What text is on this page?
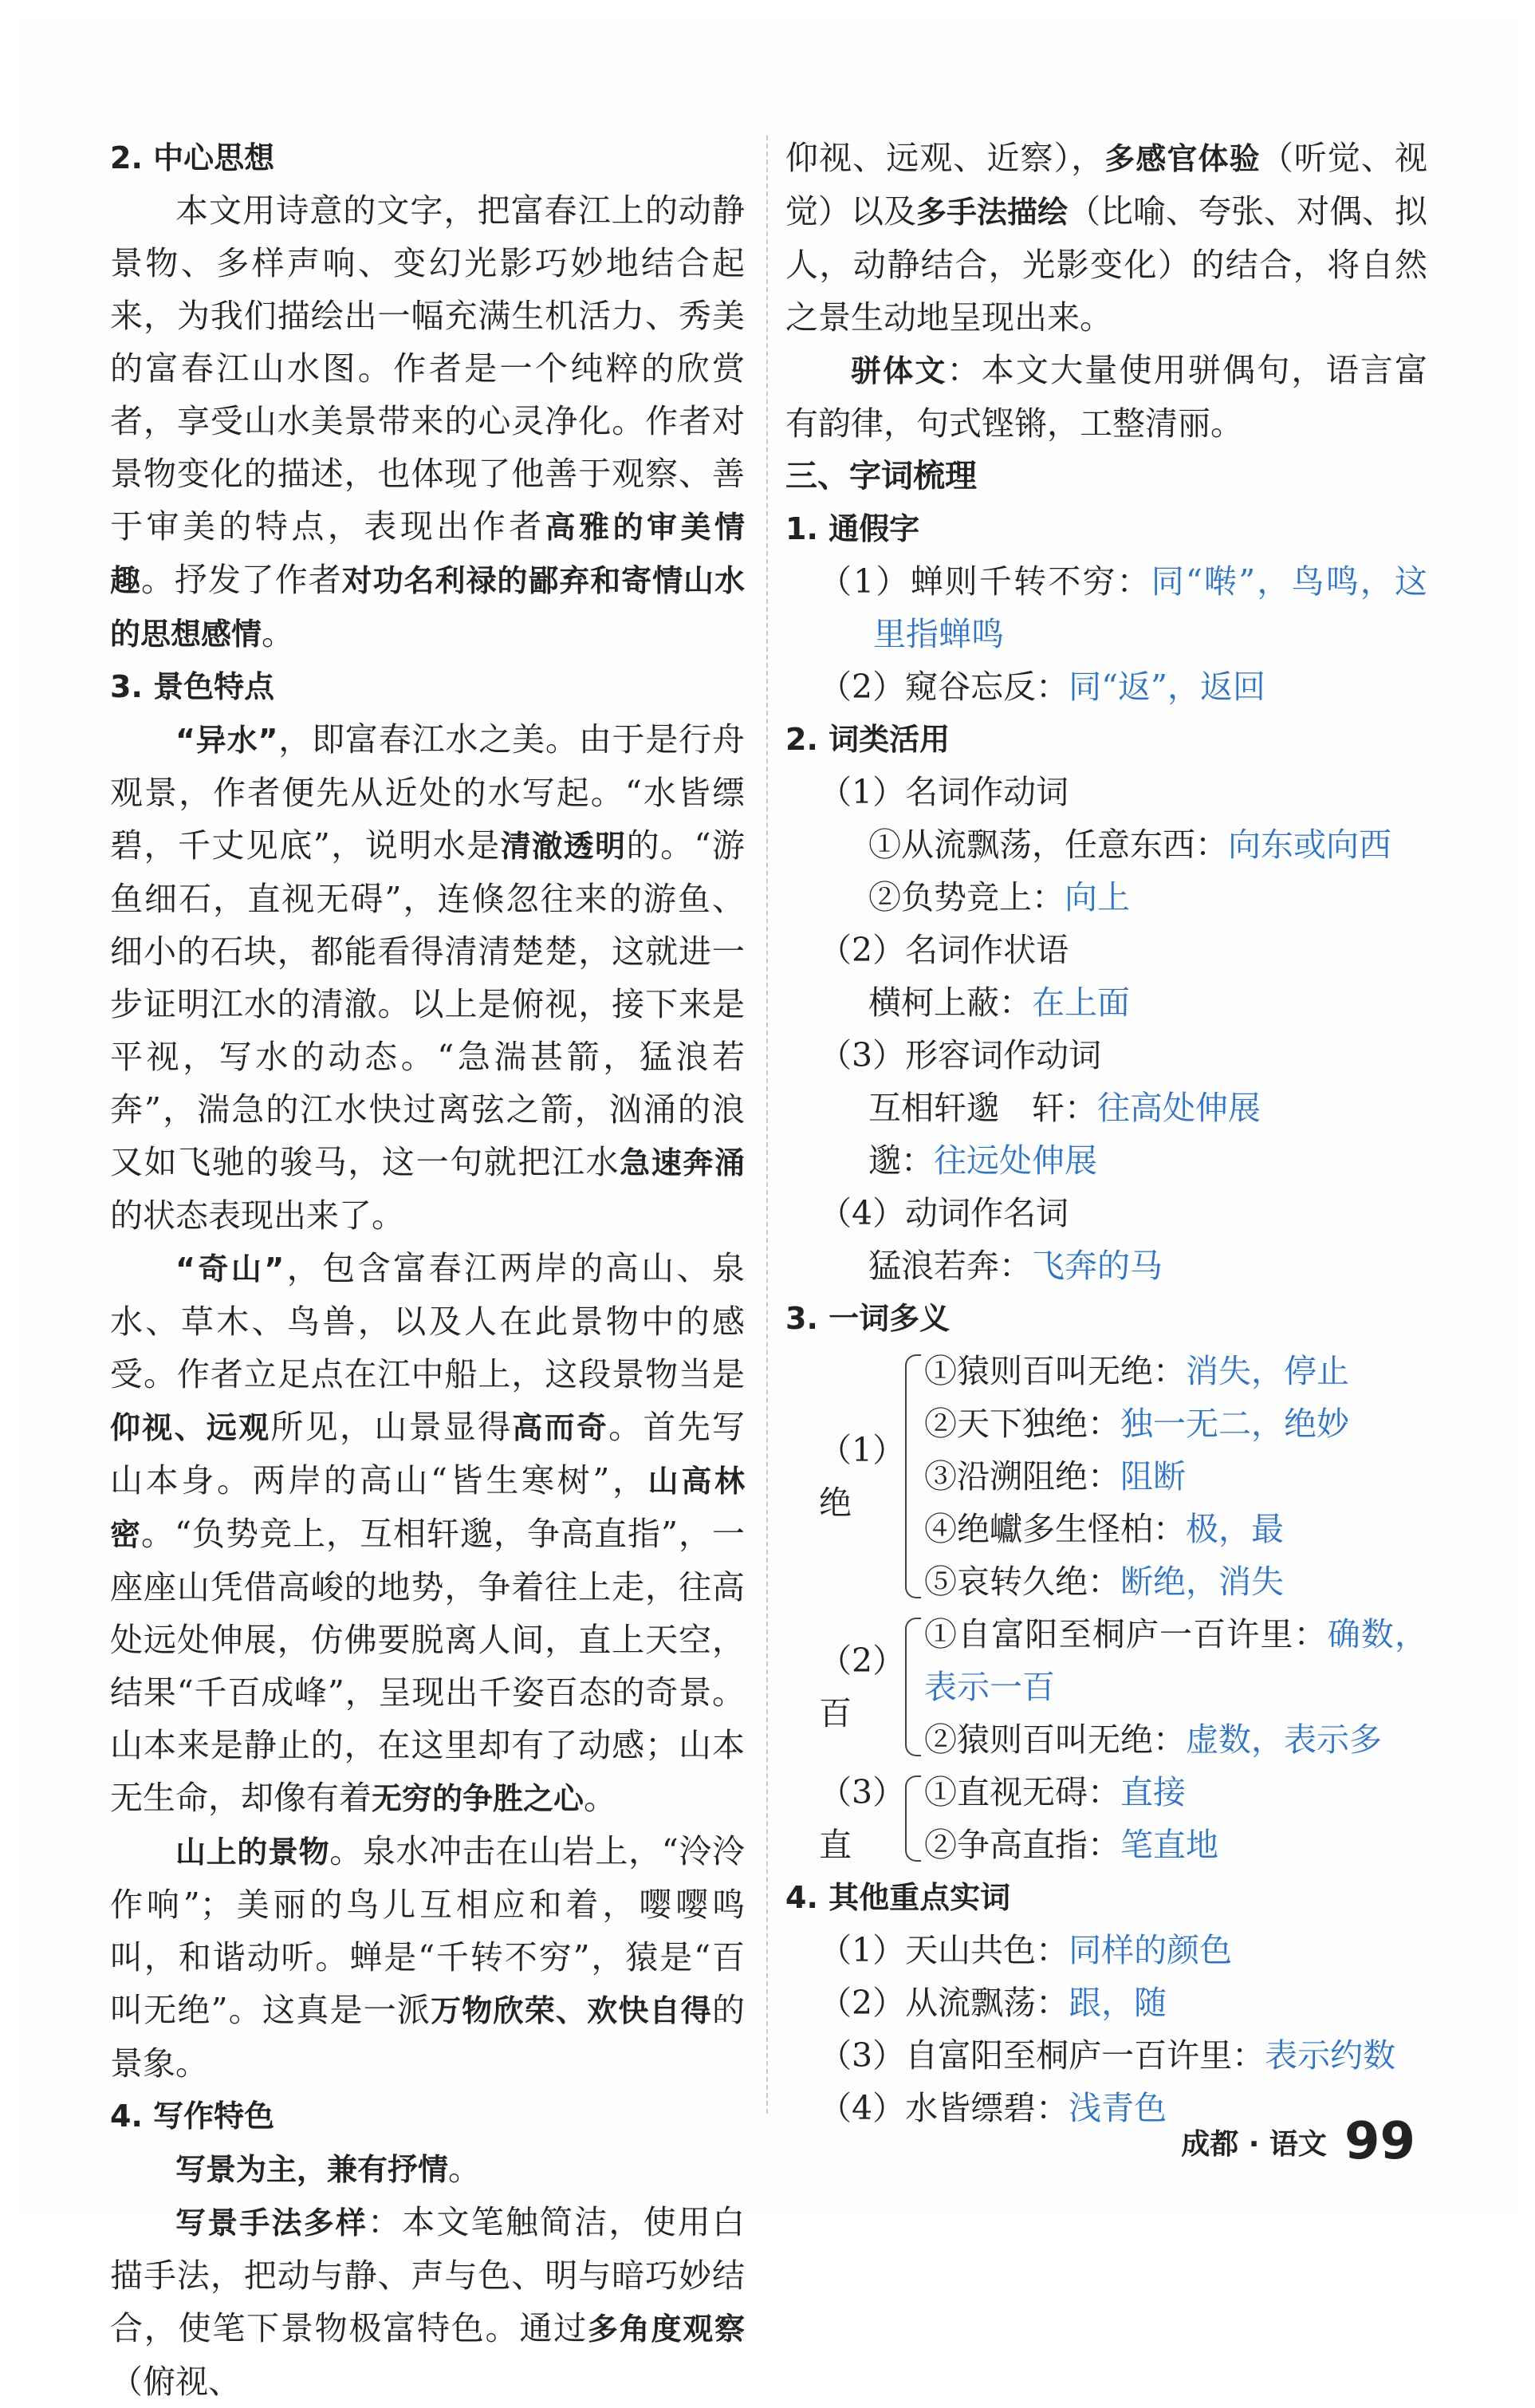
2. 中心思想

本文用诗意的文字，把富春江上的动静景物、多样声响、变幻光影巧妙地结合起来，为我们描绘出一幅充满生机活力、秀美的富春江山水图。作者是一个纯粹的欣赏者，享受山水美景带来的心灵净化。作者对景物变化的描述，也体现了他善于观察、善于审美的特点，表现出作者高雅的审美情趣。抒发了作者对功名利禄的鄙弃和寄情山水的思想感情。

3. 景色特点

“异水”，即富春江水之美。由于是行舟观景，作者便先从近处的水写起。“水皆缥碧，千丈见底”，说明水是清澈透明的。“游鱼细石，直视无碍”，连倏忽往来的游鱼、细小的石块，都能看得清清楚楚，这就进一步证明江水的清澈。以上是俯视，接下来是平视，写水的动态。“急湍甚箭，猛浪若奔”，湍急的江水快过离弦之箭，汹涌的浪又如飞驰的骏马，这一句就把江水急速奔涌的状态表现出来了。

“奇山”，包含富春江两岸的高山、泉水、草木、鸟兽，以及人在此景物中的感受。作者立足点在江中船上，这段景物当是仰视、远观所见，山景显得高而奇。首先写山本身。两岸的高山“皆生寒树”，山高林密。“负势竞上，互相轩邈，争高直指”，一座座山凭借高峻的地势，争着往上走，往高处远处伸展，仿佛要脱离人间，直上天空，结果“千百成峰”，呈现出千姿百态的奇景。山本来是静止的，在这里却有了动感；山本无生命，却像有着无穷的争胜之心。

山上的景物。泉水冲击在山岩上，“泠泠作响”；美丽的鸟儿互相应和着，嘤嘤鸣叫，和谐动听。蝉是“千转不穷”，猿是“百叫无绝”。这真是一派万物欣荣、欢快自得的景象。

4. 写作特色

写景为主，兼有抒情。

写景手法多样：本文笔触简洁，使用白描手法，把动与静、声与色、明与暗巧妙结合，使笔下景物极富特色。通过多角度观察（俯视、

仰视、远观、近察），多感官体验（听觉、视觉）以及多手法描绘（比喻、夸张、对偶、拟人，动静结合，光影变化）的结合，将自然之景生动地呈现出来。

骈体文：本文大量使用骈偶句，语言富有韵律，句式铿锵，工整清丽。

三、字词梳理

1. 通假字

（1）蝉则千转不穷：同“啭”，鸟鸣，这里指蝉鸣

（2）窥谷忘反：同“返”，返回

2. 词类活用

（1）名词作动词

①从流飘荡，任意东西：向东或向西

②负势竞上：向上

（2）名词作状语

横柯上蔽：在上面

（3）形容词作动词

互相轩邈　轩：往高处伸展

邈：往远处伸展

（4）动词作名词

猛浪若奔：飞奔的马

3. 一词多义

（1）绝

①猿则百叫无绝：消失，停止

②天下独绝：独一无二，绝妙

③沿溯阻绝：阻断

④绝巘多生怪柏：极，最

⑤哀转久绝：断绝，消失

（2）百

①自富阳至桐庐一百许里：确数，表示一百

②猿则百叫无绝：虚数，表示多

（3）直

①直视无碍：直接

②争高直指：笔直地

4. 其他重点实词

（1）天山共色：同样的颜色

（2）从流飘荡：跟，随

（3）自富阳至桐庐一百许里：表示约数

（4）水皆缥碧：浅青色

成都 · 语文 99
